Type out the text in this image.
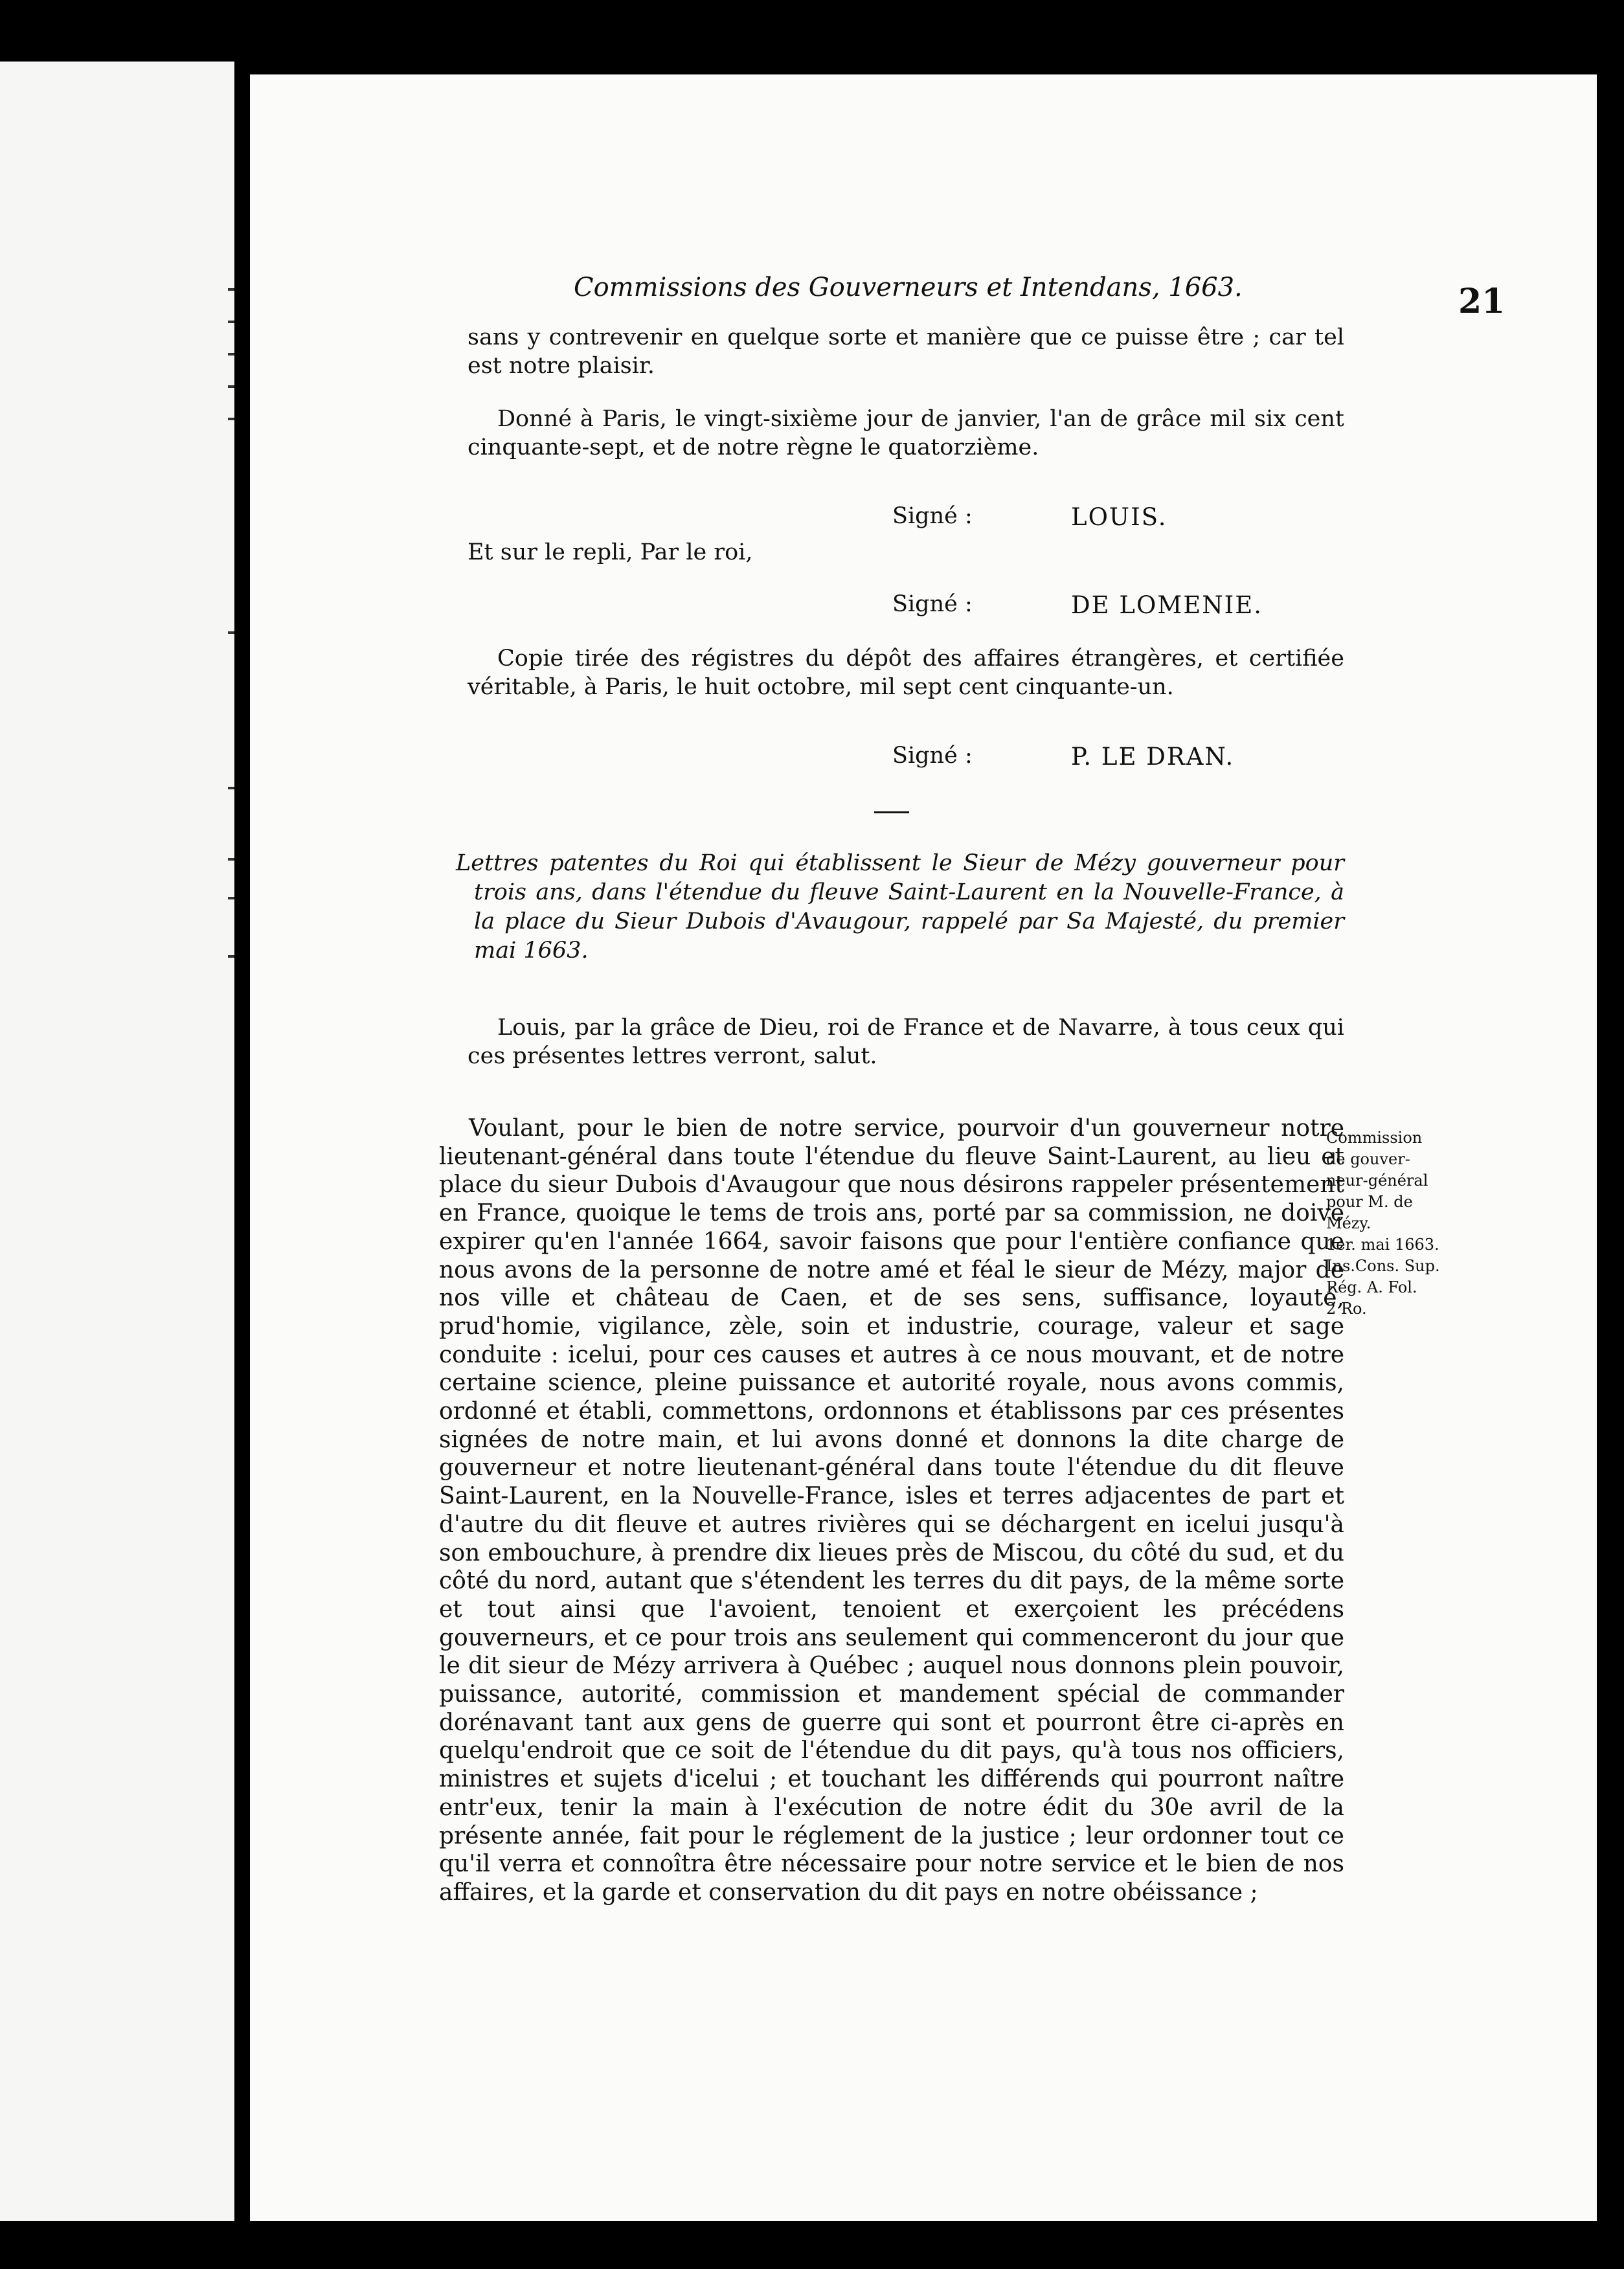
Commissions des Gouverneurs et Intendans, 1663.	21

sans y contrevenir en quelque sorte et manière que ce puisse être ; car tel est notre plaisir.

Donné à Paris, le vingt-sixième jour de janvier, l'an de grâce mil six cent cinquante-sept, et de notre règne le quatorzième.

Signé :	LOUIS.
Et sur le repli, Par le roi,
Signé :	DE LOMENIE.

Copie tirée des régistres du dépôt des affaires étrangères, et certifiée véritable, à Paris, le huit octobre, mil sept cent cinquante-un.

Signé :	P. LE DRAN.
Lettres patentes du Roi qui établissent le Sieur de Mézy gouverneur pour trois ans, dans l'étendue du fleuve Saint-Laurent en la Nouvelle-France, à la place du Sieur Dubois d'Avaugour, rappelé par Sa Majesté, du premier mai 1663.

Louis, par la grâce de Dieu, roi de France et de Navarre, à tous ceux qui ces présentes lettres verront, salut.

Voulant, pour le bien de notre service, pourvoir d'un gouverneur notre lieutenant-général dans toute l'étendue du fleuve Saint-Laurent, au lieu et place du sieur Dubois d'Avaugour que nous désirons rappeler présentement en France, quoique le tems de trois ans, porté par sa commission, ne doive expirer qu'en l'année 1664, savoir faisons que pour l'entière confiance que nous avons de la personne de notre amé et féal le sieur de Mézy, major de nos ville et château de Caen, et de ses sens, suffisance, loyauté, prud'homie, vigilance, zèle, soin et industrie, courage, valeur et sage conduite : icelui, pour ces causes et autres à ce nous mouvant, et de notre certaine science, pleine puissance et autorité royale, nous avons commis, ordonné et établi, commettons, ordonnons et établissons par ces présentes signées de notre main, et lui avons donné et donnons la dite charge de gouverneur et notre lieutenant-général dans toute l'étendue du dit fleuve Saint-Laurent, en la Nouvelle-France, isles et terres adjacentes de part et d'autre du dit fleuve et autres rivières qui se déchargent en icelui jusqu'à son embouchure, à prendre dix lieues près de Miscou, du côté du sud, et du côté du nord, autant que s'étendent les terres du dit pays, de la même sorte et tout ainsi que l'avoient, tenoient et exerçoient les précédens gouverneurs, et ce pour trois ans seulement qui commenceront du jour que le dit sieur de Mézy arrivera à Québec ; auquel nous donnons plein pouvoir, puissance, autorité, commission et mandement spécial de commander dorénavant tant aux gens de guerre qui sont et pourront être ci-après en quelqu'endroit que ce soit de l'étendue du dit pays, qu'à tous nos officiers, ministres et sujets d'icelui ; et touchant les différends qui pourront naître entr'eux, tenir la main à l'exécution de notre édit du 30e avril de la présente année, fait pour le réglement de la justice ; leur ordonner tout ce qu'il verra et connoîtra être nécessaire pour notre service et le bien de nos affaires, et la garde et conservation du dit pays en notre obéissance ;

Commission
de gouver-
neur-général
pour M. de
Mézy.
1er. mai 1663.
Ins.Cons. Sup.
Rég. A. Fol.
2 Ro.
